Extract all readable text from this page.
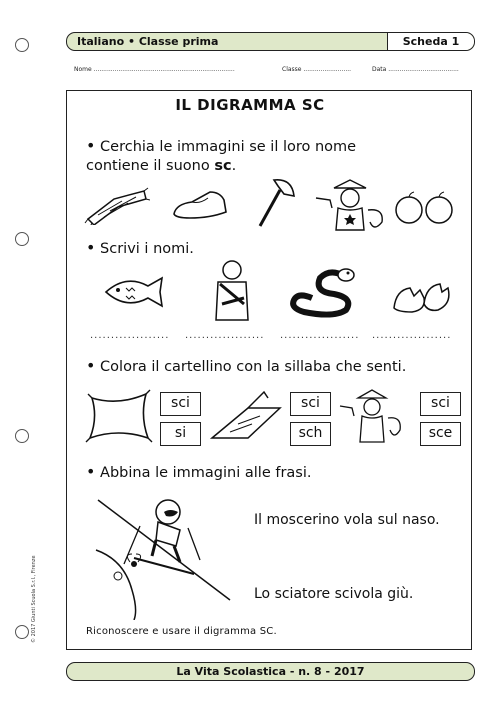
Italiano • Classe prima	Scheda 1
Nome ..........................................................................	Classe .........................	Data .....................................
IL DIGRAMMA SC
• Cerchia le immagini se il loro nome
contiene il suono sc.
• Scrivi i nomi.
................... ................... ................... ...................
• Colora il cartellino con la sillaba che senti.
sci
si
sci
sch
sci
sce
• Abbina le immagini alle frasi.
Il moscerino vola sul naso.
Lo sciatore scivola giù.
Riconoscere e usare il digramma SC.
© 2017 Giunti Scuola S.r.l., Firenze
La Vita Scolastica - n. 8 - 2017
